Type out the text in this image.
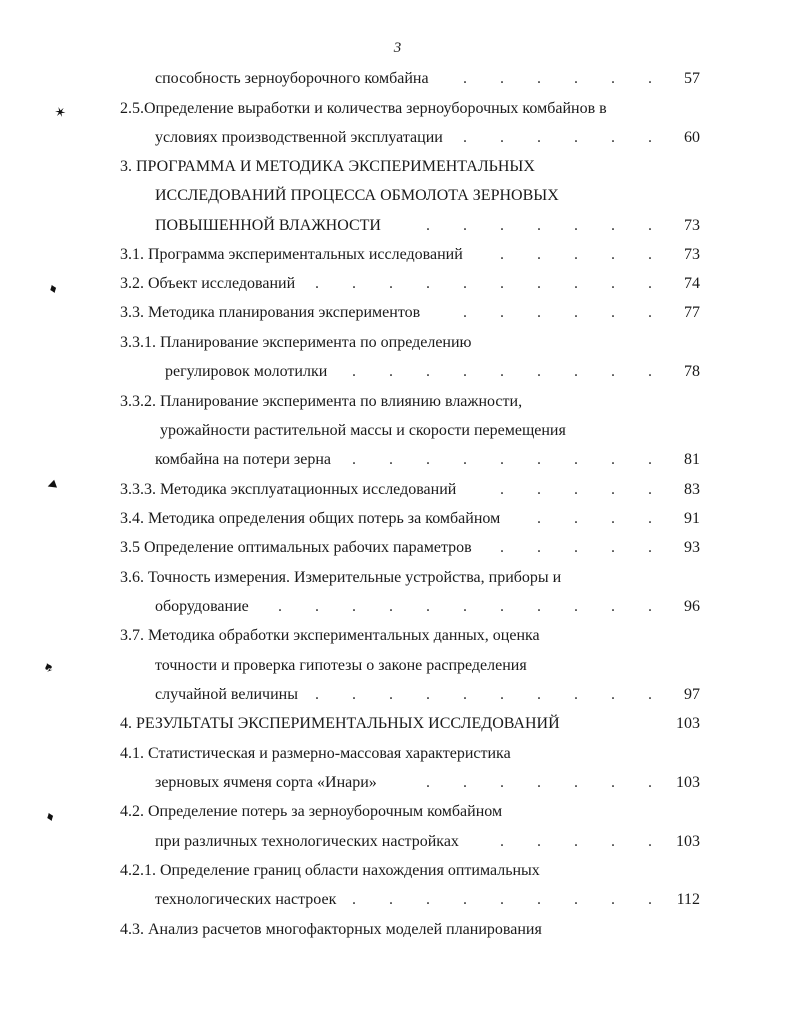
3
способность зерноуборочного комбайна . . . . . .	57
2.5.Определение выработки и количества зерноуборочных комбайнов в
условиях производственной эксплуатации . . . . . .	60
3. ПРОГРАММА И МЕТОДИКА ЭКСПЕРИМЕНТАЛЬНЫХ
ИССЛЕДОВАНИЙ ПРОЦЕССА ОБМОЛОТА ЗЕРНОВЫХ
ПОВЫШЕННОЙ ВЛАЖНОСТИ	. . . . . . .	73
3.1. Программа экспериментальных исследований . . . . .	73
3.2. Объект исследований . . . . . . . . . .	74
3.3. Методика планирования экспериментов	. . . . . .	77
3.3.1. Планирование эксперимента по определению
регулировок молотилки . . . . . . . . .	78
3.3.2. Планирование эксперимента по влиянию влажности,
урожайности растительной массы и скорости перемещения
комбайна на потери зерна . . . . . . . . .	81
3.3.3. Методика эксплуатационных исследований	. . . . .	83
3.4. Методика определения общих потерь за комбайном . . . .	91
3.5 Определение оптимальных рабочих параметров . . . . .	93
3.6. Точность измерения. Измерительные устройства, приборы и
оборудование . . . . . . . . . . .	96
3.7. Методика обработки экспериментальных данных, оценка
точности и проверка гипотезы о законе распределения
случайной величины . . . . . . . . . .	97
4. РЕЗУЛЬТАТЫ ЭКСПЕРИМЕНТАЛЬНЫХ ИССЛЕДОВАНИЙ	103
4.1. Статистическая и размерно-массовая характеристика
зерновых ячменя сорта «Инари»	. . . . . . .	103
4.2. Определение потерь за зерноуборочным комбайном
при различных технологических настройках	. . . . .	103
4.2.1. Определение границ области нахождения оптимальных
технологических настроек . . . . . . . . .	112
4.3. Анализ расчетов многофакторных моделей планирования
✶
♦
◄
♠
♦
